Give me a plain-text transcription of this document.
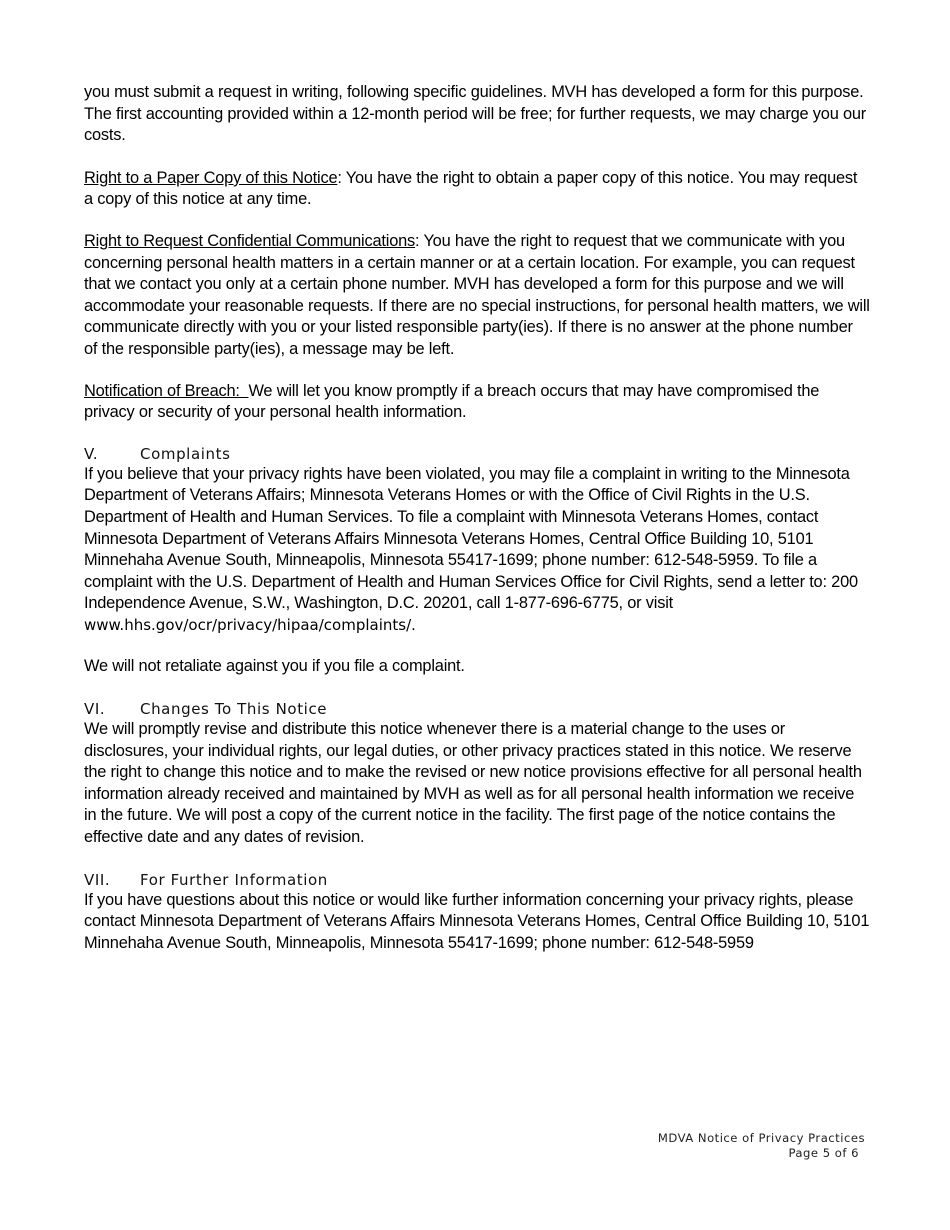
you must submit a request in writing, following specific guidelines. MVH has developed a form for this purpose. The first accounting provided within a 12-month period will be free; for further requests, we may charge you our costs.

Right to a Paper Copy of this Notice: You have the right to obtain a paper copy of this notice. You may request a copy of this notice at any time.

Right to Request Confidential Communications: You have the right to request that we communicate with you concerning personal health matters in a certain manner or at a certain location. For example, you can request that we contact you only at a certain phone number. MVH has developed a form for this purpose and we will accommodate your reasonable requests. If there are no special instructions, for personal health matters, we will communicate directly with you or your listed responsible party(ies). If there is no answer at the phone number of the responsible party(ies), a message may be left.

Notification of Breach:  We will let you know promptly if a breach occurs that may have compromised the privacy or security of your personal health information.

V.	Complaints

If you believe that your privacy rights have been violated, you may file a complaint in writing to the Minnesota Department of Veterans Affairs; Minnesota Veterans Homes or with the Office of Civil Rights in the U.S. Department of Health and Human Services. To file a complaint with Minnesota Veterans Homes, contact Minnesota Department of Veterans Affairs Minnesota Veterans Homes, Central Office Building 10, 5101 Minnehaha Avenue South, Minneapolis, Minnesota 55417-1699; phone number: 612-548-5959. To file a complaint with the U.S. Department of Health and Human Services Office for Civil Rights, send a letter to: 200 Independence Avenue, S.W., Washington, D.C. 20201, call 1-877-696-6775, or visit www.hhs.gov/ocr/privacy/hipaa/complaints/.

We will not retaliate against you if you file a complaint.

VI.	Changes To This Notice

We will promptly revise and distribute this notice whenever there is a material change to the uses or disclosures, your individual rights, our legal duties, or other privacy practices stated in this notice. We reserve the right to change this notice and to make the revised or new notice provisions effective for all personal health information already received and maintained by MVH as well as for all personal health information we receive in the future. We will post a copy of the current notice in the facility. The first page of the notice contains the effective date and any dates of revision.

VII.	For Further Information

If you have questions about this notice or would like further information concerning your privacy rights, please contact Minnesota Department of Veterans Affairs Minnesota Veterans Homes, Central Office Building 10, 5101 Minnehaha Avenue South, Minneapolis, Minnesota 55417-1699; phone number: 612-548-5959

MDVA Notice of Privacy Practices
Page 5 of 6
